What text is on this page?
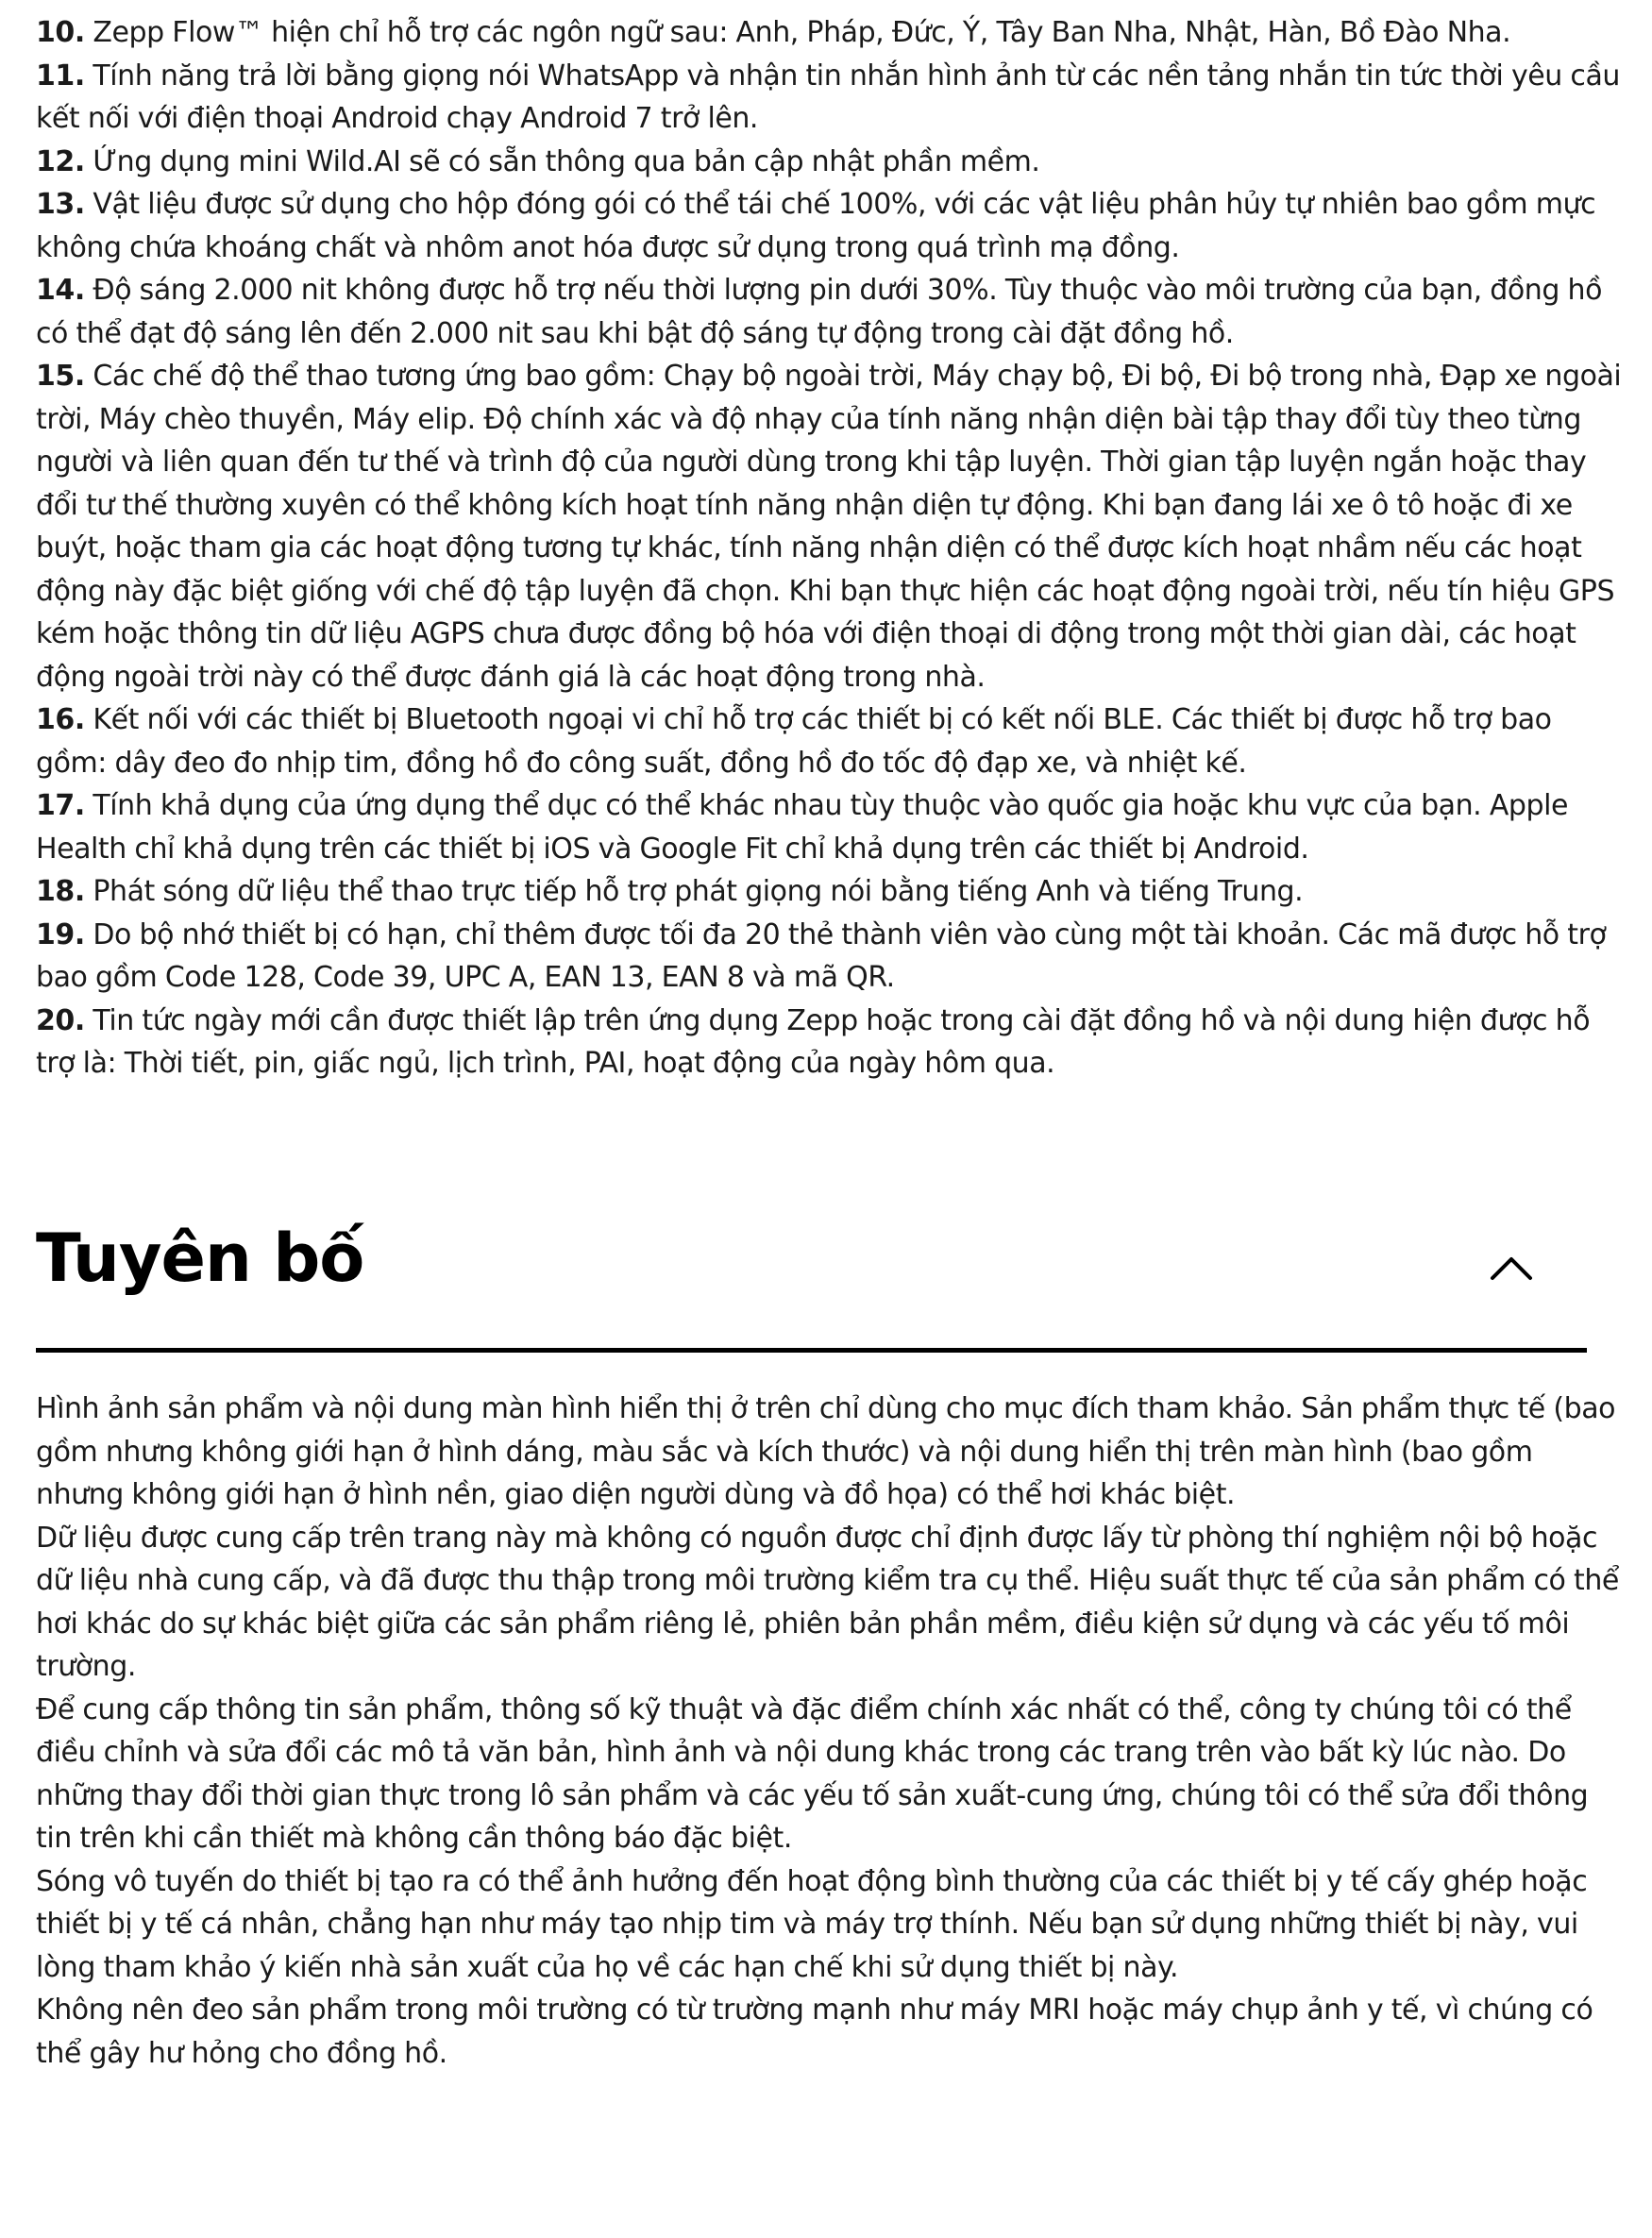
10. Zepp Flow™ hiện chỉ hỗ trợ các ngôn ngữ sau: Anh, Pháp, Đức, Ý, Tây Ban Nha, Nhật, Hàn, Bồ Đào Nha.

11. Tính năng trả lời bằng giọng nói WhatsApp và nhận tin nhắn hình ảnh từ các nền tảng nhắn tin tức thời yêu cầu kết nối với điện thoại Android chạy Android 7 trở lên.

12. Ứng dụng mini Wild.AI sẽ có sẵn thông qua bản cập nhật phần mềm.

13. Vật liệu được sử dụng cho hộp đóng gói có thể tái chế 100%, với các vật liệu phân hủy tự nhiên bao gồm mực không chứa khoáng chất và nhôm anot hóa được sử dụng trong quá trình mạ đồng.

14. Độ sáng 2.000 nit không được hỗ trợ nếu thời lượng pin dưới 30%. Tùy thuộc vào môi trường của bạn, đồng hồ có thể đạt độ sáng lên đến 2.000 nit sau khi bật độ sáng tự động trong cài đặt đồng hồ.

15. Các chế độ thể thao tương ứng bao gồm: Chạy bộ ngoài trời, Máy chạy bộ, Đi bộ, Đi bộ trong nhà, Đạp xe ngoài trời, Máy chèo thuyền, Máy elip. Độ chính xác và độ nhạy của tính năng nhận diện bài tập thay đổi tùy theo từng người và liên quan đến tư thế và trình độ của người dùng trong khi tập luyện. Thời gian tập luyện ngắn hoặc thay đổi tư thế thường xuyên có thể không kích hoạt tính năng nhận diện tự động. Khi bạn đang lái xe ô tô hoặc đi xe buýt, hoặc tham gia các hoạt động tương tự khác, tính năng nhận diện có thể được kích hoạt nhầm nếu các hoạt động này đặc biệt giống với chế độ tập luyện đã chọn. Khi bạn thực hiện các hoạt động ngoài trời, nếu tín hiệu GPS kém hoặc thông tin dữ liệu AGPS chưa được đồng bộ hóa với điện thoại di động trong một thời gian dài, các hoạt động ngoài trời này có thể được đánh giá là các hoạt động trong nhà.

16. Kết nối với các thiết bị Bluetooth ngoại vi chỉ hỗ trợ các thiết bị có kết nối BLE. Các thiết bị được hỗ trợ bao gồm: dây đeo đo nhịp tim, đồng hồ đo công suất, đồng hồ đo tốc độ đạp xe, và nhiệt kế.

17. Tính khả dụng của ứng dụng thể dục có thể khác nhau tùy thuộc vào quốc gia hoặc khu vực của bạn. Apple Health chỉ khả dụng trên các thiết bị iOS và Google Fit chỉ khả dụng trên các thiết bị Android.

18. Phát sóng dữ liệu thể thao trực tiếp hỗ trợ phát giọng nói bằng tiếng Anh và tiếng Trung.

19. Do bộ nhớ thiết bị có hạn, chỉ thêm được tối đa 20 thẻ thành viên vào cùng một tài khoản. Các mã được hỗ trợ bao gồm Code 128, Code 39, UPC A, EAN 13, EAN 8 và mã QR.

20. Tin tức ngày mới cần được thiết lập trên ứng dụng Zepp hoặc trong cài đặt đồng hồ và nội dung hiện được hỗ trợ là: Thời tiết, pin, giấc ngủ, lịch trình, PAI, hoạt động của ngày hôm qua.

Tuyên bố

Hình ảnh sản phẩm và nội dung màn hình hiển thị ở trên chỉ dùng cho mục đích tham khảo. Sản phẩm thực tế (bao gồm nhưng không giới hạn ở hình dáng, màu sắc và kích thước) và nội dung hiển thị trên màn hình (bao gồm nhưng không giới hạn ở hình nền, giao diện người dùng và đồ họa) có thể hơi khác biệt.

Dữ liệu được cung cấp trên trang này mà không có nguồn được chỉ định được lấy từ phòng thí nghiệm nội bộ hoặc dữ liệu nhà cung cấp, và đã được thu thập trong môi trường kiểm tra cụ thể. Hiệu suất thực tế của sản phẩm có thể hơi khác do sự khác biệt giữa các sản phẩm riêng lẻ, phiên bản phần mềm, điều kiện sử dụng và các yếu tố môi trường.

Để cung cấp thông tin sản phẩm, thông số kỹ thuật và đặc điểm chính xác nhất có thể, công ty chúng tôi có thể điều chỉnh và sửa đổi các mô tả văn bản, hình ảnh và nội dung khác trong các trang trên vào bất kỳ lúc nào. Do những thay đổi thời gian thực trong lô sản phẩm và các yếu tố sản xuất-cung ứng, chúng tôi có thể sửa đổi thông tin trên khi cần thiết mà không cần thông báo đặc biệt.

Sóng vô tuyến do thiết bị tạo ra có thể ảnh hưởng đến hoạt động bình thường của các thiết bị y tế cấy ghép hoặc thiết bị y tế cá nhân, chẳng hạn như máy tạo nhịp tim và máy trợ thính. Nếu bạn sử dụng những thiết bị này, vui lòng tham khảo ý kiến nhà sản xuất của họ về các hạn chế khi sử dụng thiết bị này.

Không nên đeo sản phẩm trong môi trường có từ trường mạnh như máy MRI hoặc máy chụp ảnh y tế, vì chúng có thể gây hư hỏng cho đồng hồ.
